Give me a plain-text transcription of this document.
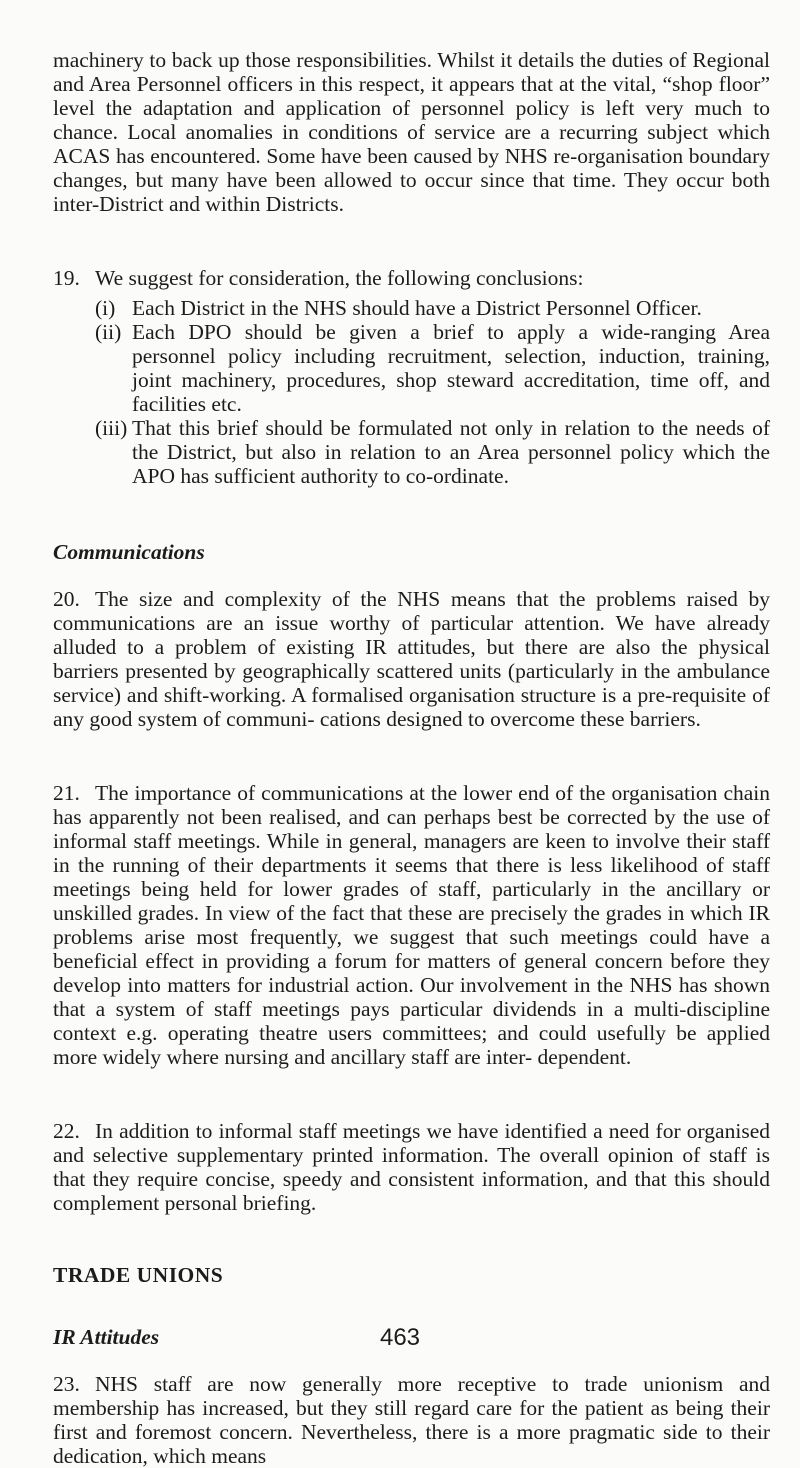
machinery to back up those responsibilities. Whilst it details the duties of Regional and Area Personnel officers in this respect, it appears that at the vital, “shop floor” level the adaptation and application of personnel policy is left very much to chance. Local anomalies in conditions of service are a recurring subject which ACAS has encountered. Some have been caused by NHS re-organisation boundary changes, but many have been allowed to occur since that time. They occur both inter-District and within Districts.

19. We suggest for consideration, the following conclusions:

(i) Each District in the NHS should have a District Personnel Officer.
(ii) Each DPO should be given a brief to apply a wide-ranging Area personnel policy including recruitment, selection, induction, training, joint machinery, procedures, shop steward accreditation, time off, and facilities etc.
(iii) That this brief should be formulated not only in relation to the needs of the District, but also in relation to an Area personnel policy which the APO has sufficient authority to co-ordinate.
Communications

20. The size and complexity of the NHS means that the problems raised by communications are an issue worthy of particular attention. We have already alluded to a problem of existing IR attitudes, but there are also the physical barriers presented by geographically scattered units (particularly in the ambulance service) and shift-working. A formalised organisation structure is a pre-requisite of any good system of communi- cations designed to overcome these barriers.

21. The importance of communications at the lower end of the organisation chain has apparently not been realised, and can perhaps best be corrected by the use of informal staff meetings. While in general, managers are keen to involve their staff in the running of their departments it seems that there is less likelihood of staff meetings being held for lower grades of staff, particularly in the ancillary or unskilled grades. In view of the fact that these are precisely the grades in which IR problems arise most frequently, we suggest that such meetings could have a beneficial effect in providing a forum for matters of general concern before they develop into matters for industrial action. Our involvement in the NHS has shown that a system of staff meetings pays particular dividends in a multi-discipline context e.g. operating theatre users committees; and could usefully be applied more widely where nursing and ancillary staff are inter- dependent.

22. In addition to informal staff meetings we have identified a need for organised and selective supplementary printed information. The overall opinion of staff is that they require concise, speedy and consistent information, and that this should complement personal briefing.

TRADE UNIONS
IR Attitudes

23. NHS staff are now generally more receptive to trade unionism and membership has increased, but they still regard care for the patient as being their first and foremost concern. Nevertheless, there is a more pragmatic side to their dedication, which means

463
